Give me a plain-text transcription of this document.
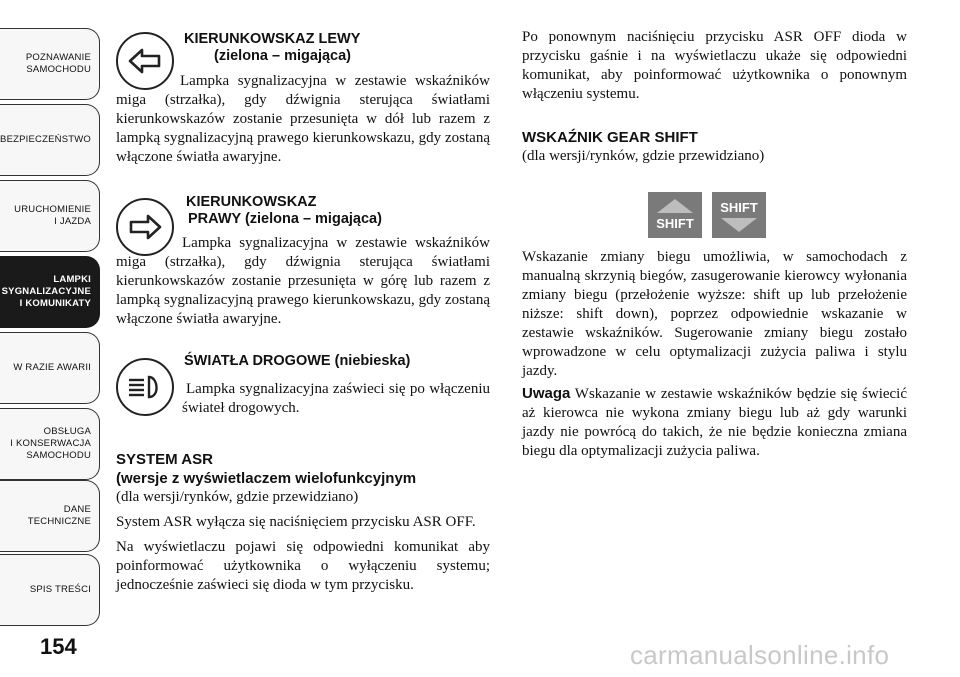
POZNAWANIE
SAMOCHODU
BEZPIECZEŃSTWO
URUCHOMIENIE
I JAZDA
LAMPKI
SYGNALIZACYJNE
I KOMUNIKATY
W RAZIE AWARII
OBSŁUGA
I KONSERWACJA
SAMOCHODU
DANE
TECHNICZNE
SPIS TREŚCI
154	carmanualsonline.info
KIERUNKOWSKAZ LEWY
(zielona – migająca)
Lampka sygnalizacyjna w zestawie wskaźników miga (strzałka), gdy dźwignia sterująca światłami kierunkowskazów zostanie przesunięta w dół lub razem z lampką sygnalizacyjną prawego kierunkowskazu, gdy zostaną włączone światła awaryjne.
KIERUNKOWSKAZ
PRAWY (zielona – migająca)
Lampka sygnalizacyjna w zestawie wskaźników miga (strzałka), gdy dźwignia sterująca światłami kierunkowskazów zostanie przesunięta w górę lub razem z lampką sygnalizacyjną prawego kierunkowskazu, gdy zostaną włączone światła awaryjne.
ŚWIATŁA DROGOWE (niebieska)
Lampka sygnalizacyjna zaświeci się po włączeniu świateł drogowych.
SYSTEM ASR
(wersje z wyświetlaczem wielofunkcyjnym
(dla wersji/rynków, gdzie przewidziano)
System ASR wyłącza się naciśnięciem przycisku ASR OFF.
Na wyświetlaczu pojawi się odpowiedni komunikat aby poinformować użytkownika o wyłączeniu systemu; jednocześnie zaświeci się dioda w tym przycisku.
Po ponownym naciśnięciu przycisku ASR OFF dioda w przycisku gaśnie i na wyświetlaczu ukaże się odpowiedni komunikat, aby poinformować użytkownika o ponownym włączeniu systemu.
WSKAŹNIK GEAR SHIFT
(dla wersji/rynków, gdzie przewidziano)
SHIFT
SHIFT
Wskazanie zmiany biegu umożliwia, w samochodach z manualną skrzynią biegów, zasugerowanie kierowcy wyłonania zmiany biegu (przełożenie wyższe: shift up lub przełożenie niższe: shift down), poprzez odpowiednie wskazanie w zestawie wskaźników. Sugerowanie zmiany biegu zostało wprowadzone w celu optymalizacji zużycia paliwa i stylu jazdy.
Uwaga Wskazanie w zestawie wskaźników będzie się świecić aż kierowca nie wykona zmiany biegu lub aż gdy warunki jazdy nie powrócą do takich, że nie będzie konieczna zmiana biegu dla optymalizacji zużycia paliwa.
